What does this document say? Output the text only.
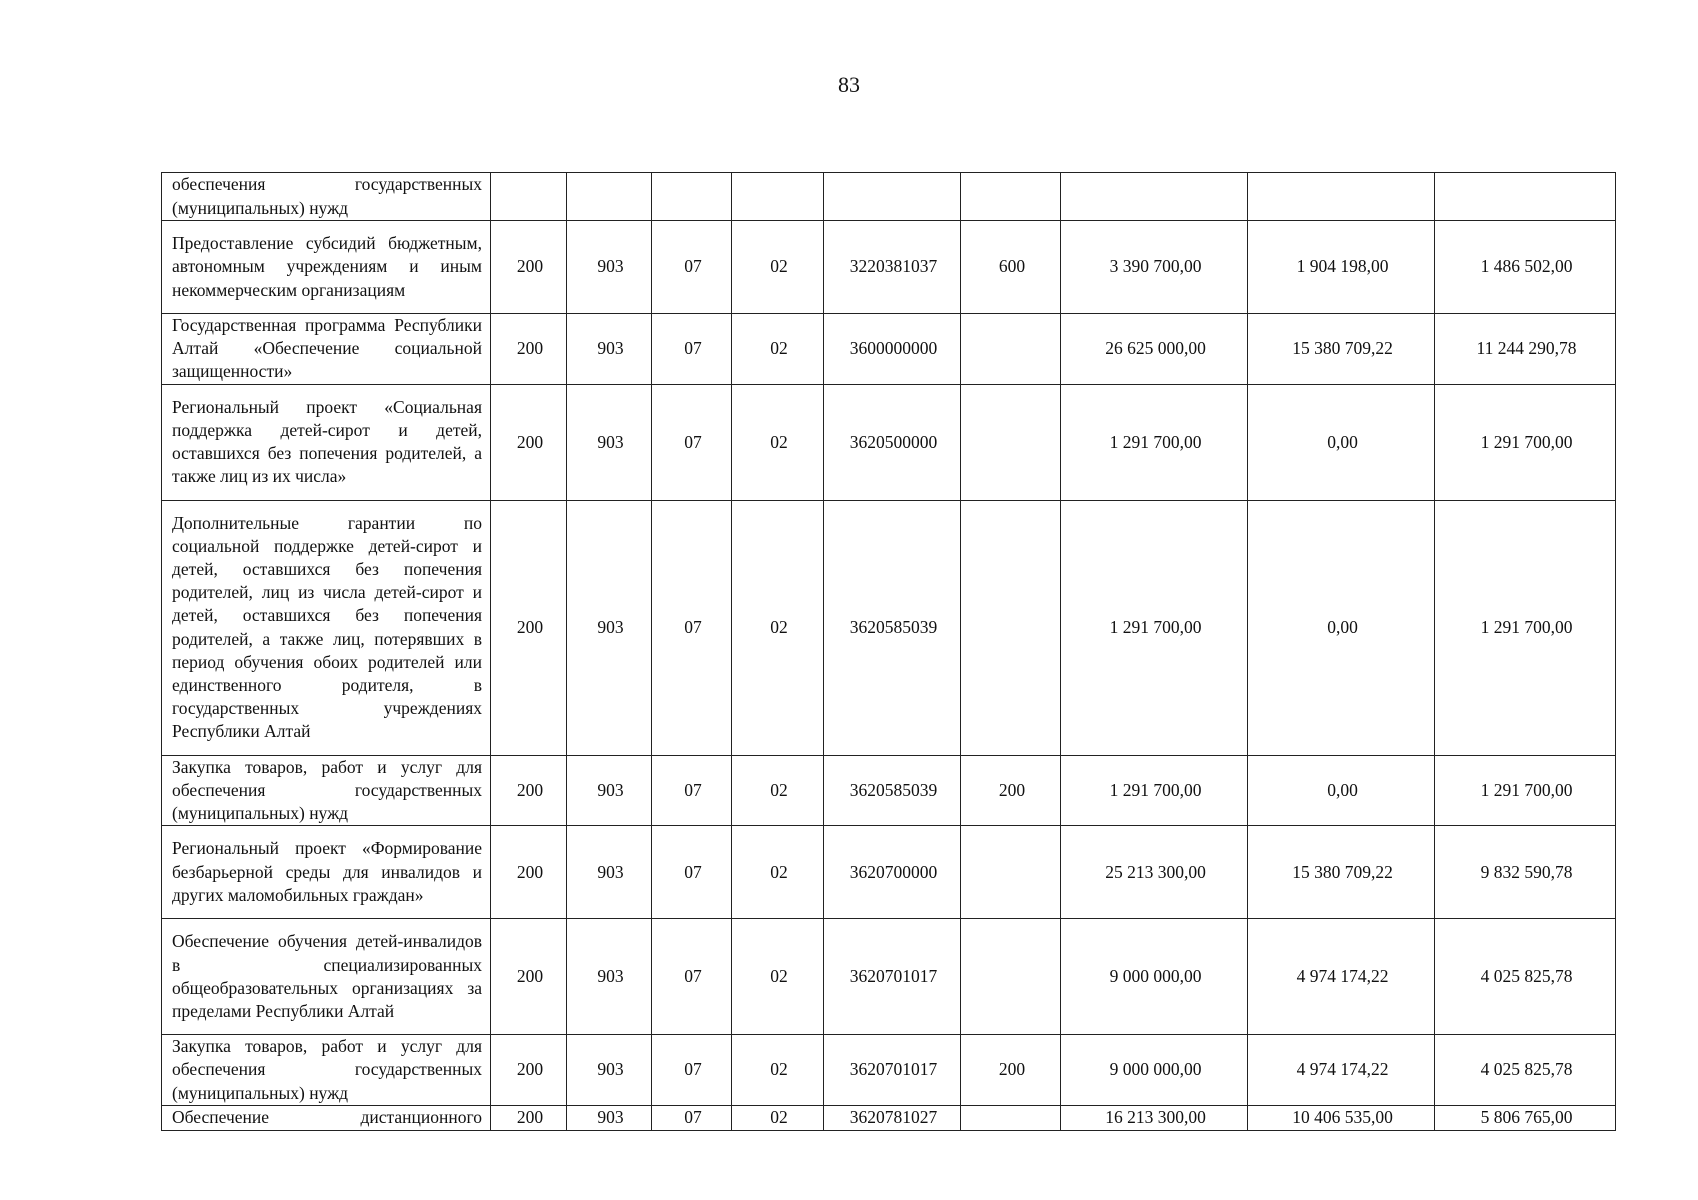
83
обеспечения государственных (муниципальных) нужд									
Предоставление субсидий бюджетным, автономным учреждениям и иным некоммерческим организациям	200	903	07	02	3220381037	600	3 390 700,00	1 904 198,00	1 486 502,00
Государственная программа Республики Алтай «Обеспечение социальной защищенности»	200	903	07	02	3600000000		26 625 000,00	15 380 709,22	11 244 290,78
Региональный проект «Социальная поддержка детей-сирот и детей, оставшихся без попечения родителей, а также лиц из их числа»	200	903	07	02	3620500000		1 291 700,00	0,00	1 291 700,00
Дополнительные гарантии по социальной поддержке детей-сирот и детей, оставшихся без попечения родителей, лиц из числа детей-сирот и детей, оставшихся без попечения родителей, а также лиц, потерявших в период обучения обоих родителей или единственного родителя, в государственных учреждениях Республики Алтай	200	903	07	02	3620585039		1 291 700,00	0,00	1 291 700,00
Закупка товаров, работ и услуг для обеспечения государственных (муниципальных) нужд	200	903	07	02	3620585039	200	1 291 700,00	0,00	1 291 700,00
Региональный проект «Формирование безбарьерной среды для инвалидов и других маломобильных граждан»	200	903	07	02	3620700000		25 213 300,00	15 380 709,22	9 832 590,78
Обеспечение обучения детей-инвалидов в специализированных общеобразовательных организациях за пределами Республики Алтай	200	903	07	02	3620701017		9 000 000,00	4 974 174,22	4 025 825,78
Закупка товаров, работ и услуг для обеспечения государственных (муниципальных) нужд	200	903	07	02	3620701017	200	9 000 000,00	4 974 174,22	4 025 825,78
Обеспечение дистанционного	200	903	07	02	3620781027		16 213 300,00	10 406 535,00	5 806 765,00
